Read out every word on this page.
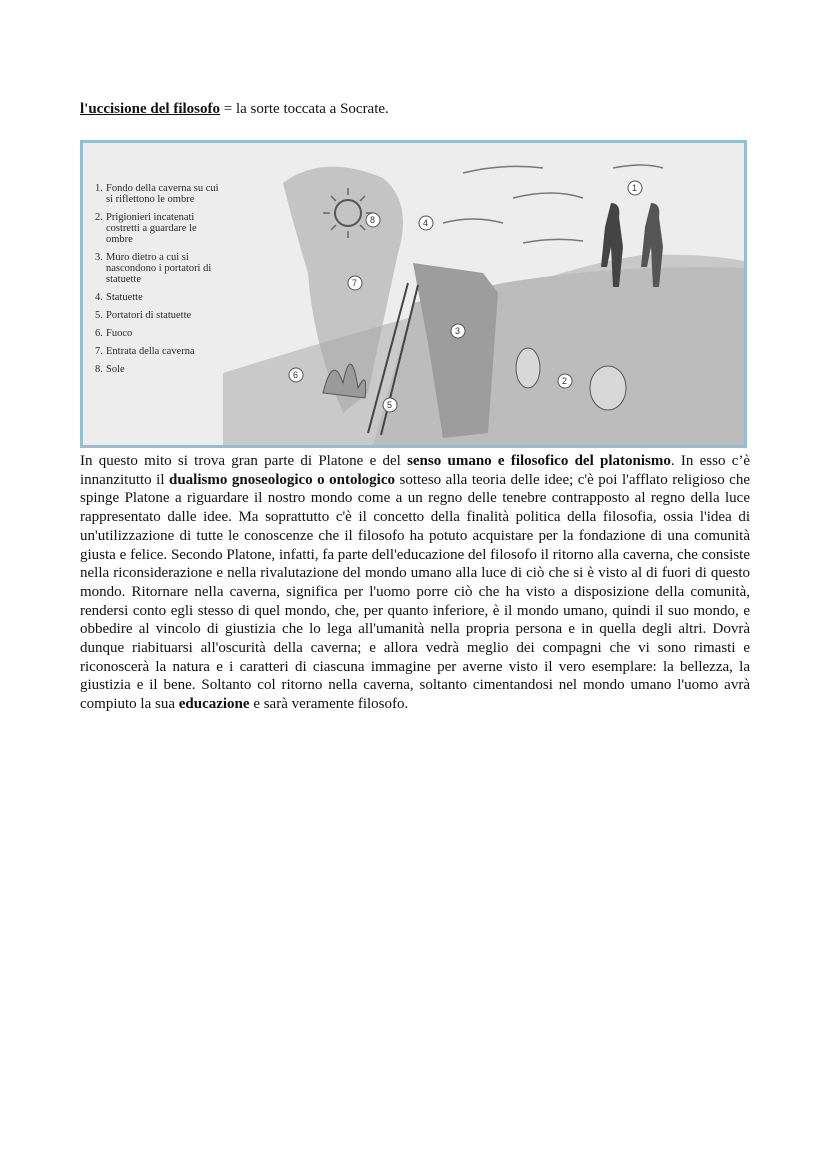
l'uccisione del filosofo = la sorte toccata a Socrate.
1. Fondo della caverna su cui si riflettono le ombre
2. Prigionieri incatenati costretti a guardare le ombre
3. Muro dietro a cui si nascondono i portatori di statuette
4. Statuette
5. Portatori di statuette
6. Fuoco
7. Entrata della caverna
8. Sole
1
2
3
4
5
6
7
8
In questo mito si trova gran parte di Platone e del senso umano e filosofico del platonismo. In esso c’è innanzitutto il dualismo gnoseologico o ontologico sotteso alla teoria delle idee; c'è poi l'afflato religioso che spinge Platone a riguardare il nostro mondo come a un regno delle tenebre contrapposto al regno della luce rappresentato dalle idee. Ma soprattutto c'è il concetto della finalità politica della filosofia, ossia l'idea di un'utilizzazione di tutte le conoscenze che il filosofo ha potuto acquistare per la fondazione di una comunità giusta e felice. Secondo Platone, infatti, fa parte dell'educazione del filosofo il ritorno alla caverna, che consiste nella riconsiderazione e nella rivalutazione del mondo umano alla luce di ciò che si è visto al di fuori di questo mondo. Ritornare nella caverna, significa per l'uomo porre ciò che ha visto a disposizione della comunità, rendersi conto egli stesso di quel mondo, che, per quanto inferiore, è il mondo umano, quindi il suo mondo, e obbedire al vincolo di giustizia che lo lega all'umanità nella propria persona e in quella degli altri. Dovrà dunque riabituarsi all'oscurità della caverna; e allora vedrà meglio dei compagni che vi sono rimasti e riconoscerà la natura e i caratteri di ciascuna immagine per averne visto il vero esemplare: la bellezza, la giustizia e il bene. Soltanto col ritorno nella caverna, soltanto cimentandosi nel mondo umano l'uomo avrà compiuto la sua educazione e sarà veramente filosofo.
